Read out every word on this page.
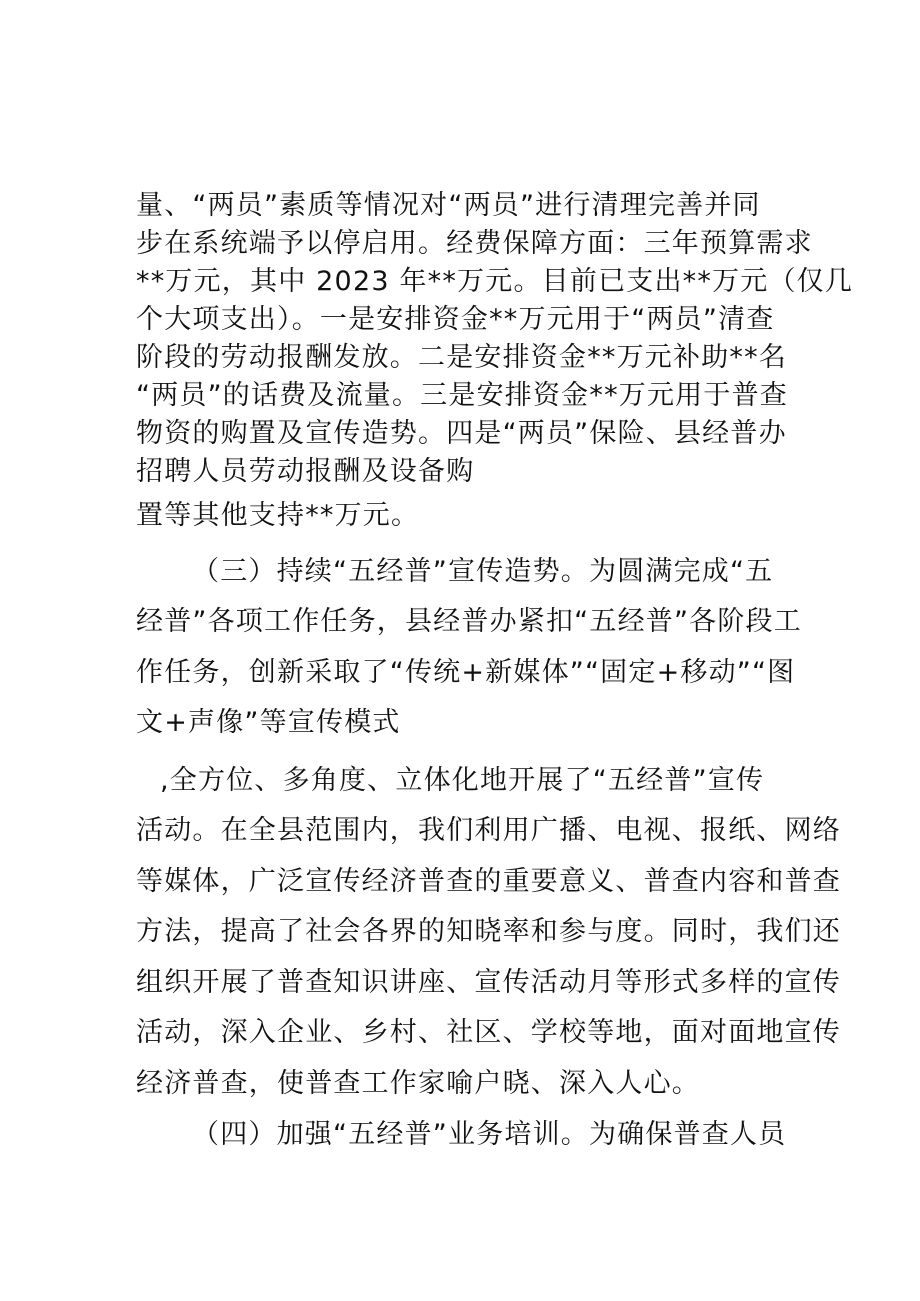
量、“两员”素质等情况对“两员”进行清理完善并同
步在系统端予以停启用。经费保障方面：三年预算需求
**万元，其中 2023 年**万元。目前已支出**万元（仅几
个大项支出）。一是安排资金**万元用于“两员”清查
阶段的劳动报酬发放。二是安排资金**万元补助**名
“两员”的话费及流量。三是安排资金**万元用于普查
物资的购置及宣传造势。四是“两员”保险、县经普办
招聘人员劳动报酬及设备购
置等其他支持**万元。
（三）持续“五经普”宣传造势。为圆满完成“五
经普”各项工作任务，县经普办紧扣“五经普”各阶段工
作任务，创新采取了“传统+新媒体”“固定+移动”“图
文+声像”等宣传模式
,全方位、多角度、立体化地开展了“五经普”宣传
活动。在全县范围内，我们利用广播、电视、报纸、网络
等媒体，广泛宣传经济普查的重要意义、普查内容和普查
方法，提高了社会各界的知晓率和参与度。同时，我们还
组织开展了普查知识讲座、宣传活动月等形式多样的宣传
活动，深入企业、乡村、社区、学校等地，面对面地宣传
经济普查，使普查工作家喻户晓、深入人心。
（四）加强“五经普”业务培训。为确保普查人员
